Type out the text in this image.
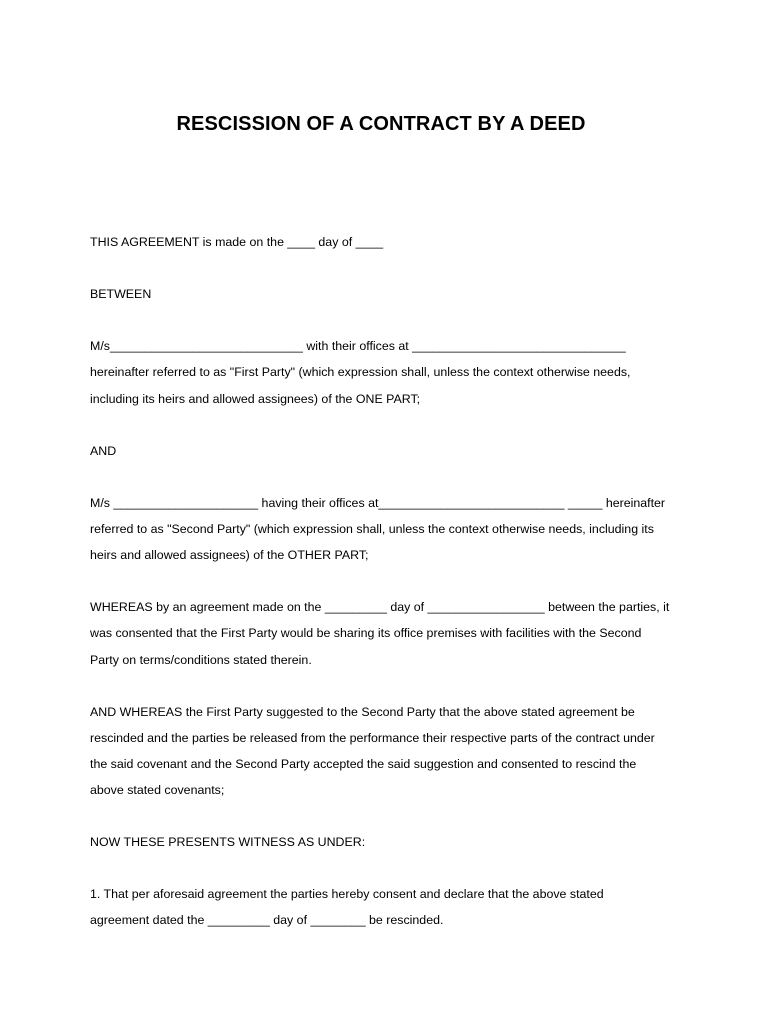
RESCISSION OF A CONTRACT BY A DEED

THIS AGREEMENT is made on the ____ day of ____

BETWEEN

M/s____________________________ with their offices at _______________________________
hereinafter referred to as "First Party" (which expression shall, unless the context otherwise needs,
including its heirs and allowed assignees) of the ONE PART;

AND

M/s _____________________ having their offices at___________________________ _____ hereinafter
referred to as "Second Party" (which expression shall, unless the context otherwise needs, including its
heirs and allowed assignees) of the OTHER PART;

WHEREAS by an agreement made on the _________ day of _________________ between the parties, it
was consented that the First Party would be sharing its office premises with facilities with the Second
Party on terms/conditions stated therein.

AND WHEREAS the First Party suggested to the Second Party that the above stated agreement be
rescinded and the parties be released from the performance their respective parts of the contract under
the said covenant and the Second Party accepted the said suggestion and consented to rescind the
above stated covenants;

NOW THESE PRESENTS WITNESS AS UNDER:

1. That per aforesaid agreement the parties hereby consent and declare that the above stated
agreement dated the _________ day of ________ be rescinded.
